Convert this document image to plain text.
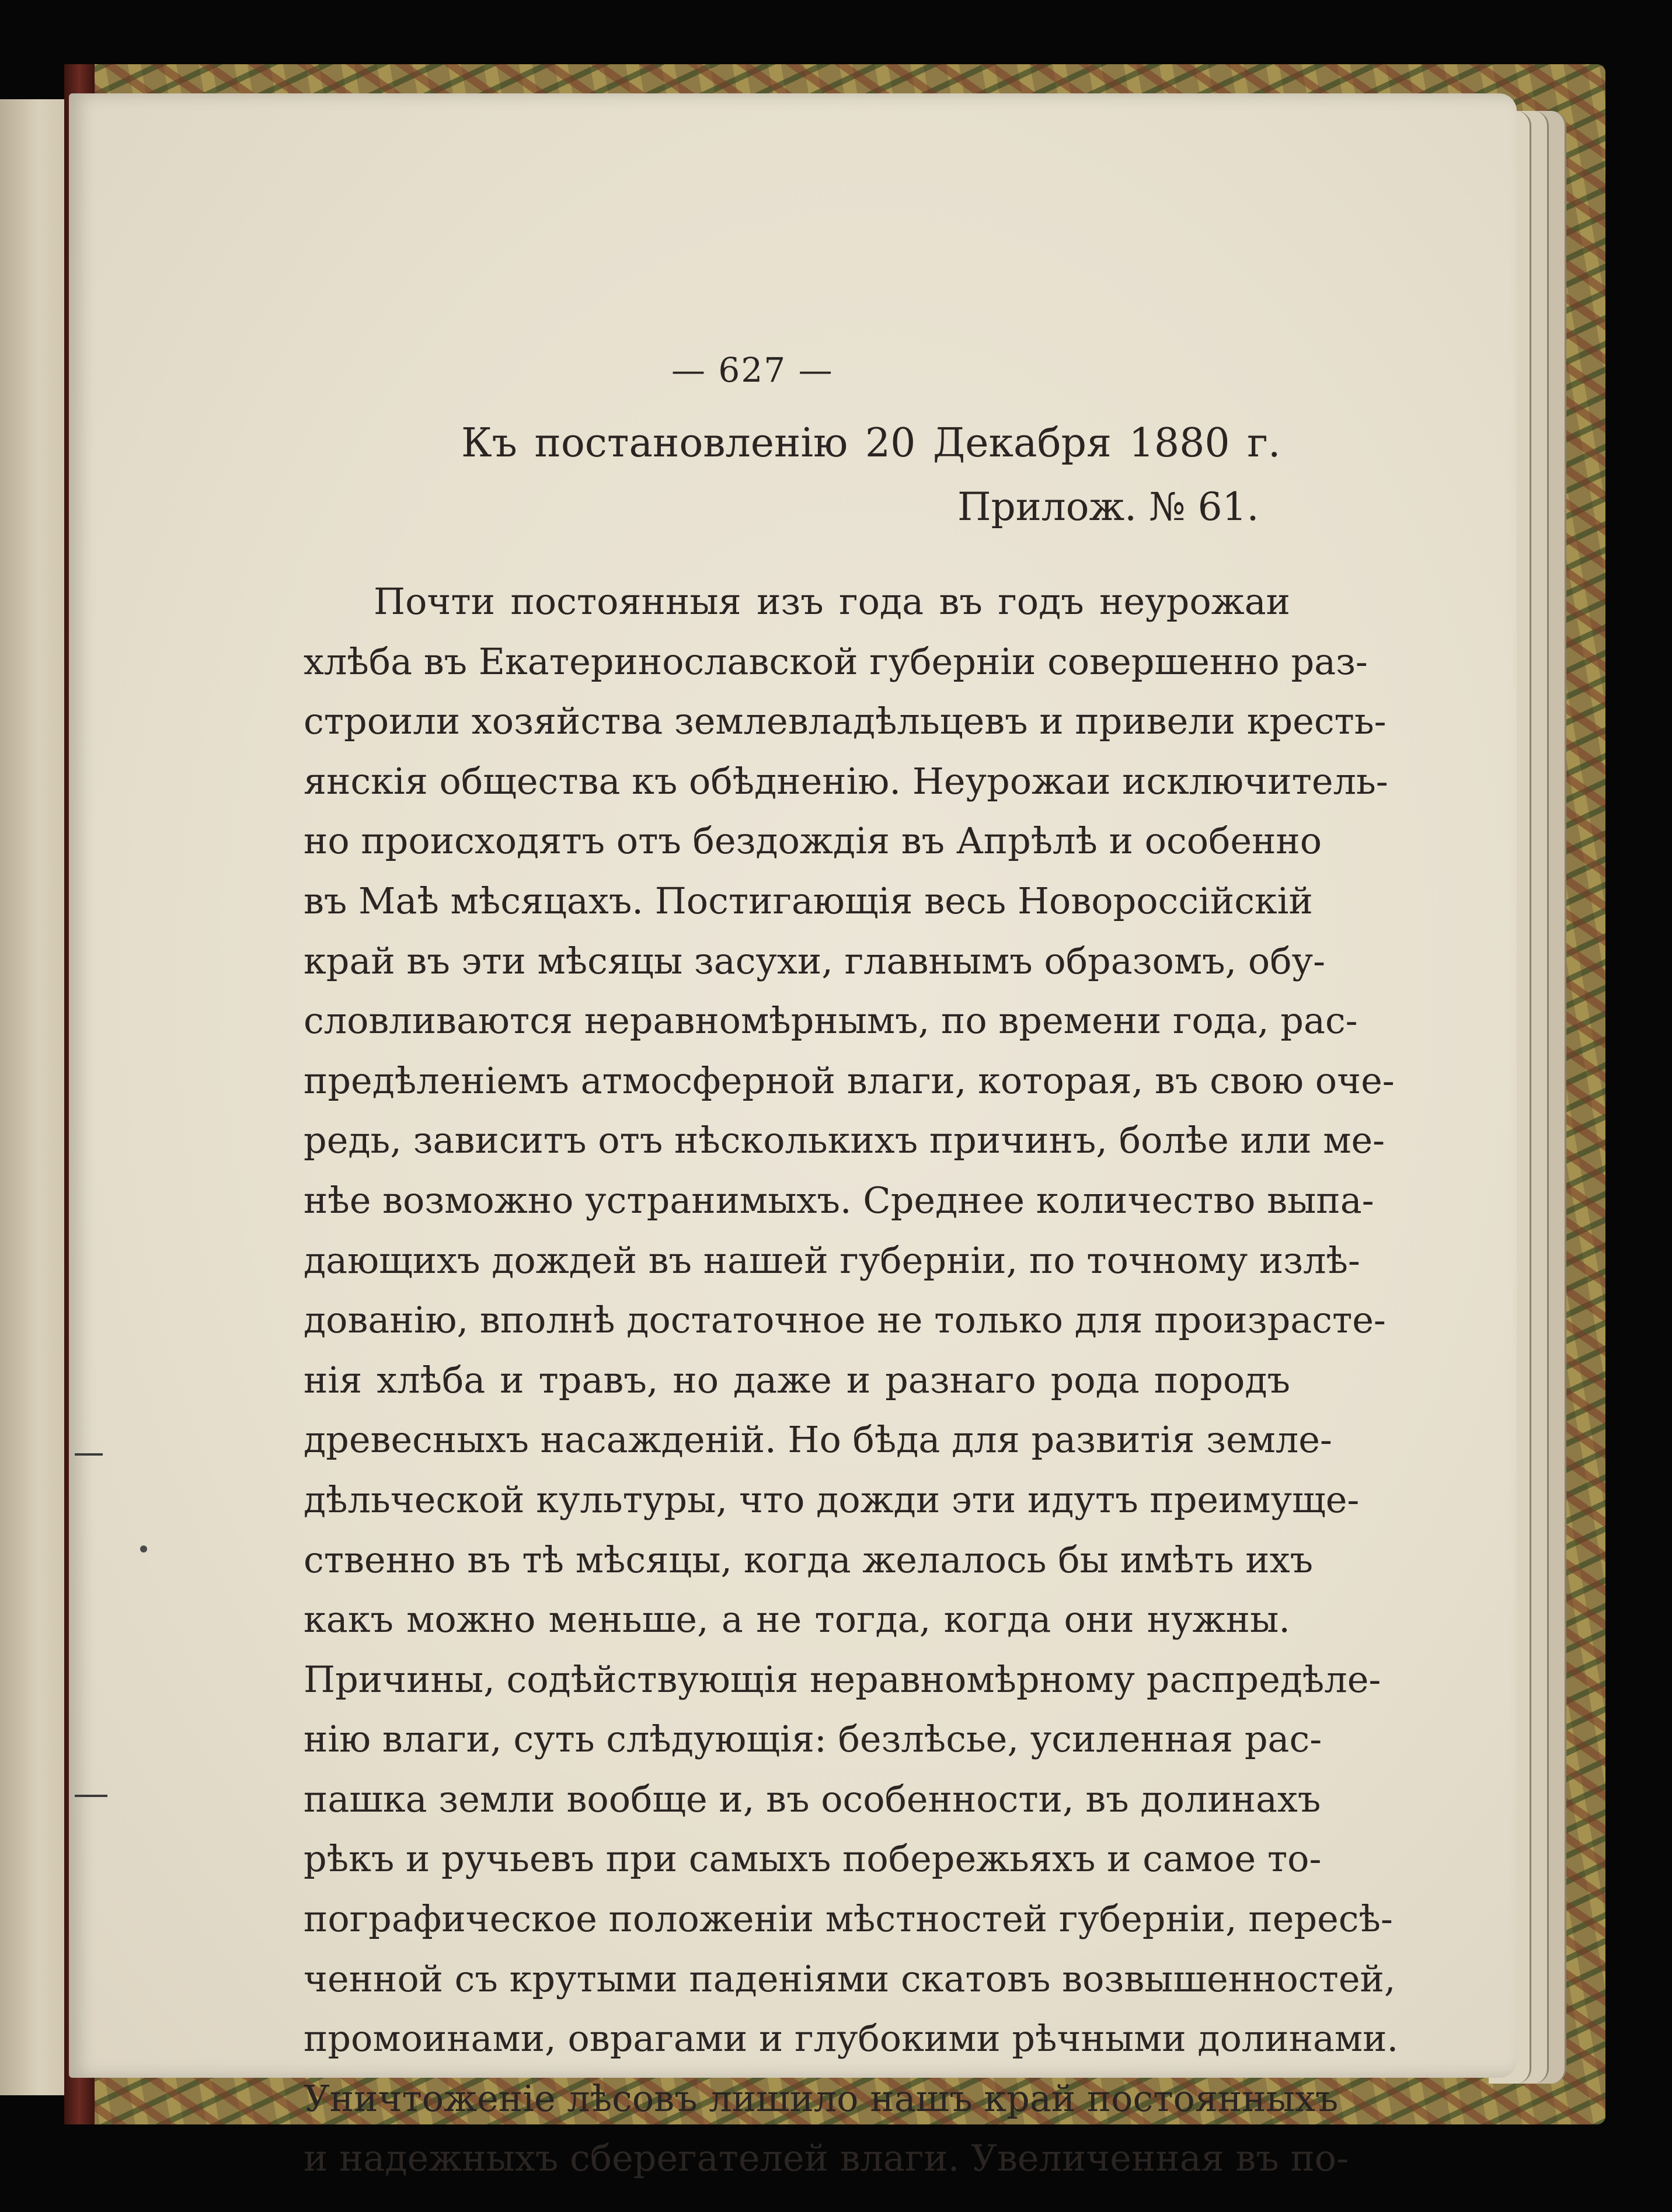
— 627 —
Къ постановленію 20 Декабря 1880 г.
Прилож. № 61.
Почти постоянныя изъ года въ годъ неурожаи
хлѣба въ Екатеринославской губерніи совершенно раз-
строили хозяйства землевладѣльцевъ и привели кресть-
янскія общества къ обѣдненію. Неурожаи исключитель-
но происходятъ отъ бездождія въ Апрѣлѣ и особенно
въ Маѣ мѣсяцахъ. Постигающія весь Новороссійскій
край въ эти мѣсяцы засухи, главнымъ образомъ, обу-
словливаются неравномѣрнымъ, по времени года, рас-
предѣленіемъ атмосферной влаги, которая, въ свою оче-
редь, зависитъ отъ нѣсколькихъ причинъ, болѣе или ме-
нѣе возможно устранимыхъ. Среднее количество выпа-
дающихъ дождей въ нашей губерніи, по точному излѣ-
дованію, вполнѣ достаточное не только для произрасте-
нія хлѣба и травъ, но даже и разнаго рода породъ
древесныхъ насажденій. Но бѣда для развитія земле-
дѣльческой культуры, что дожди эти идутъ преимуще-
ственно въ тѣ мѣсяцы, когда желалось бы имѣть ихъ
какъ можно меньше, а не тогда, когда они нужны.
Причины, содѣйствующія неравномѣрному распредѣле-
нію влаги, суть слѣдующія: безлѣсье, усиленная рас-
пашка земли вообще и, въ особенности, въ долинахъ
рѣкъ и ручьевъ при самыхъ побережьяхъ и самое то-
пографическое положеніи мѣстностей губерніи, пересѣ-
ченной съ крутыми паденіями скатовъ возвышенностей,
промоинами, оврагами и глубокими рѣчными долинами.
Уничтоженіе лѣсовъ лишило нашъ край постоянныхъ
и надежныхъ сберегателей влаги. Увеличенная въ по-
